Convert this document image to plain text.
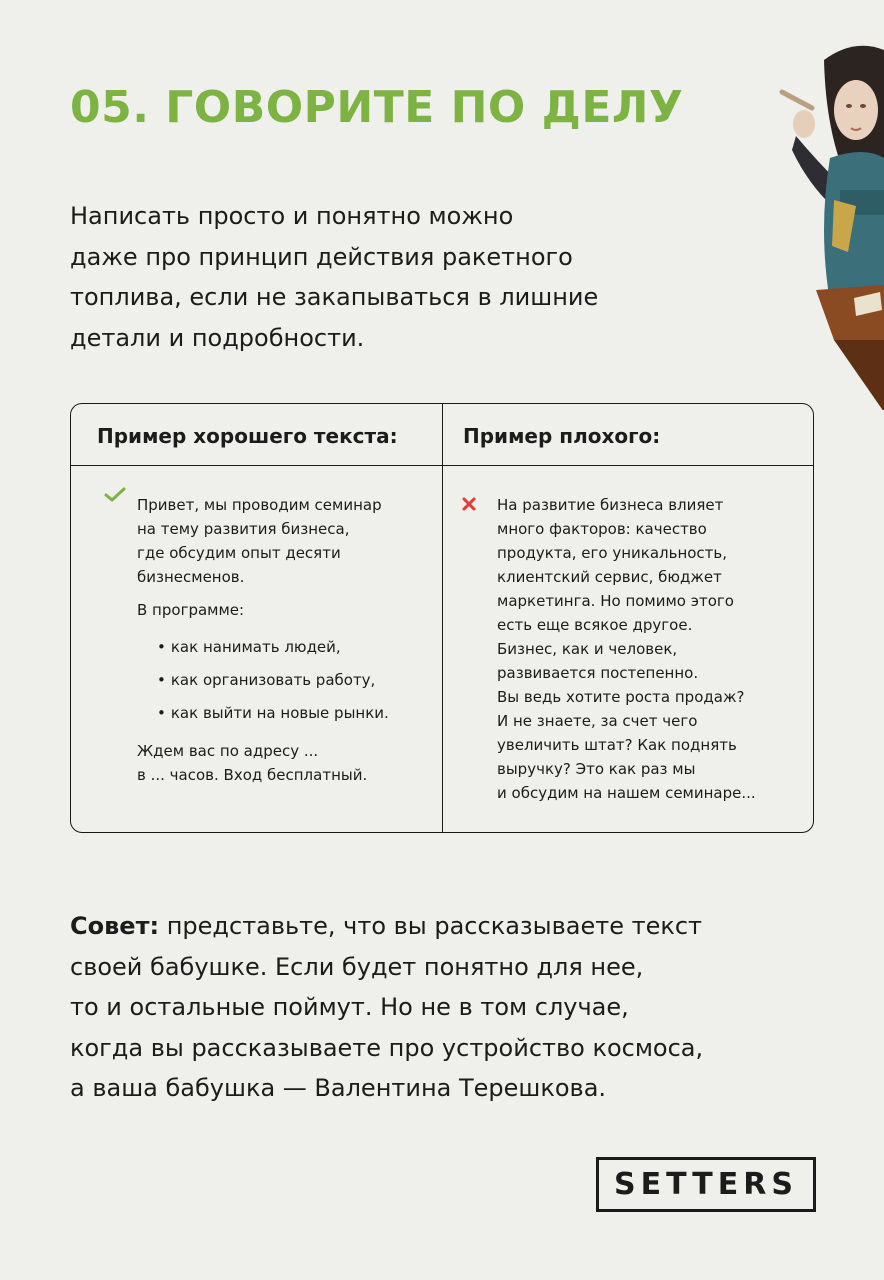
05. ГОВОРИТЕ ПО ДЕЛУ
Написать просто и понятно можно
даже про принцип действия ракетного
топлива, если не закапываться в лишние
детали и подробности.
Пример хорошего текста:	Пример плохого:

Привет, мы проводим семинар

на тему развития бизнеса,

где обсудим опыт десяти

бизнесменов.

В программе:

• как нанимать людей,
• как организовать работу,
• как выйти на новые рынки.

Ждем вас по адресу ...

в ... часов. Вход бесплатный.

На развитие бизнеса влияет

много факторов: качество

продукта, его уникальность,

клиентский сервис, бюджет

маркетинга. Но помимо этого

есть еще всякое другое.

Бизнес, как и человек,

развивается постепенно.

Вы ведь хотите роста продаж?

И не знаете, за счет чего

увеличить штат? Как поднять

выручку? Это как раз мы

и обсудим на нашем семинаре...

Совет: представьте, что вы рассказываете текст
своей бабушке. Если будет понятно для нее,
то и остальные поймут. Но не в том случае,
когда вы рассказываете про устройство космоса,
а ваша бабушка — Валентина Терешкова.
SETTERS
